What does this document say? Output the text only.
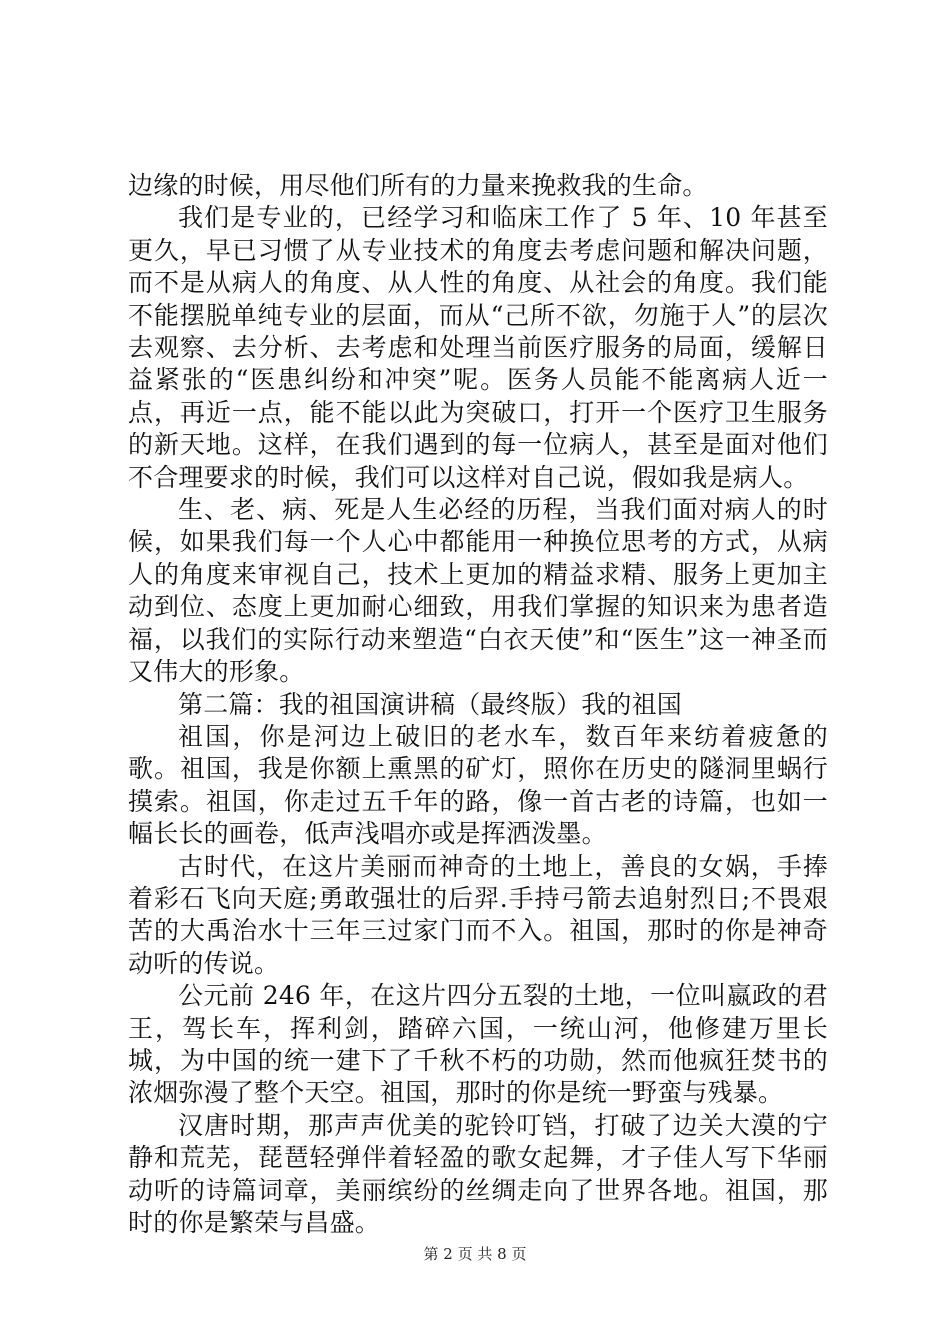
边缘的时候，用尽他们所有的力量来挽救我的生命。

我们是专业的，已经学习和临床工作了 5 年、10 年甚至更久，早已习惯了从专业技术的角度去考虑问题和解决问题，而不是从病人的角度、从人性的角度、从社会的角度。我们能不能摆脱单纯专业的层面，而从“己所不欲，勿施于人”的层次去观察、去分析、去考虑和处理当前医疗服务的局面，缓解日益紧张的“医患纠纷和冲突”呢。医务人员能不能离病人近一点，再近一点，能不能以此为突破口，打开一个医疗卫生服务的新天地。这样，在我们遇到的每一位病人，甚至是面对他们不合理要求的时候，我们可以这样对自己说，假如我是病人。

生、老、病、死是人生必经的历程，当我们面对病人的时候，如果我们每一个人心中都能用一种换位思考的方式，从病人的角度来审视自己，技术上更加的精益求精、服务上更加主动到位、态度上更加耐心细致，用我们掌握的知识来为患者造福，以我们的实际行动来塑造“白衣天使”和“医生”这一神圣而又伟大的形象。

第二篇：我的祖国演讲稿（最终版）我的祖国

祖国，你是河边上破旧的老水车，数百年来纺着疲惫的歌。祖国，我是你额上熏黑的矿灯，照你在历史的隧洞里蜗行摸索。祖国，你走过五千年的路，像一首古老的诗篇，也如一幅长长的画卷，低声浅唱亦或是挥洒泼墨。

古时代，在这片美丽而神奇的土地上，善良的女娲，手捧着彩石飞向天庭;勇敢强壮的后羿.手持弓箭去追射烈日;不畏艰苦的大禹治水十三年三过家门而不入。祖国，那时的你是神奇动听的传说。

公元前 246 年，在这片四分五裂的土地，一位叫嬴政的君王，驾长车，挥利剑，踏碎六国，一统山河，他修建万里长城，为中国的统一建下了千秋不朽的功勋，然而他疯狂焚书的浓烟弥漫了整个天空。祖国，那时的你是统一野蛮与残暴。

汉唐时期，那声声优美的驼铃叮铛，打破了边关大漠的宁静和荒芜，琵琶轻弹伴着轻盈的歌女起舞，才子佳人写下华丽动听的诗篇词章，美丽缤纷的丝绸走向了世界各地。祖国，那时的你是繁荣与昌盛。

第 2 页 共 8 页
